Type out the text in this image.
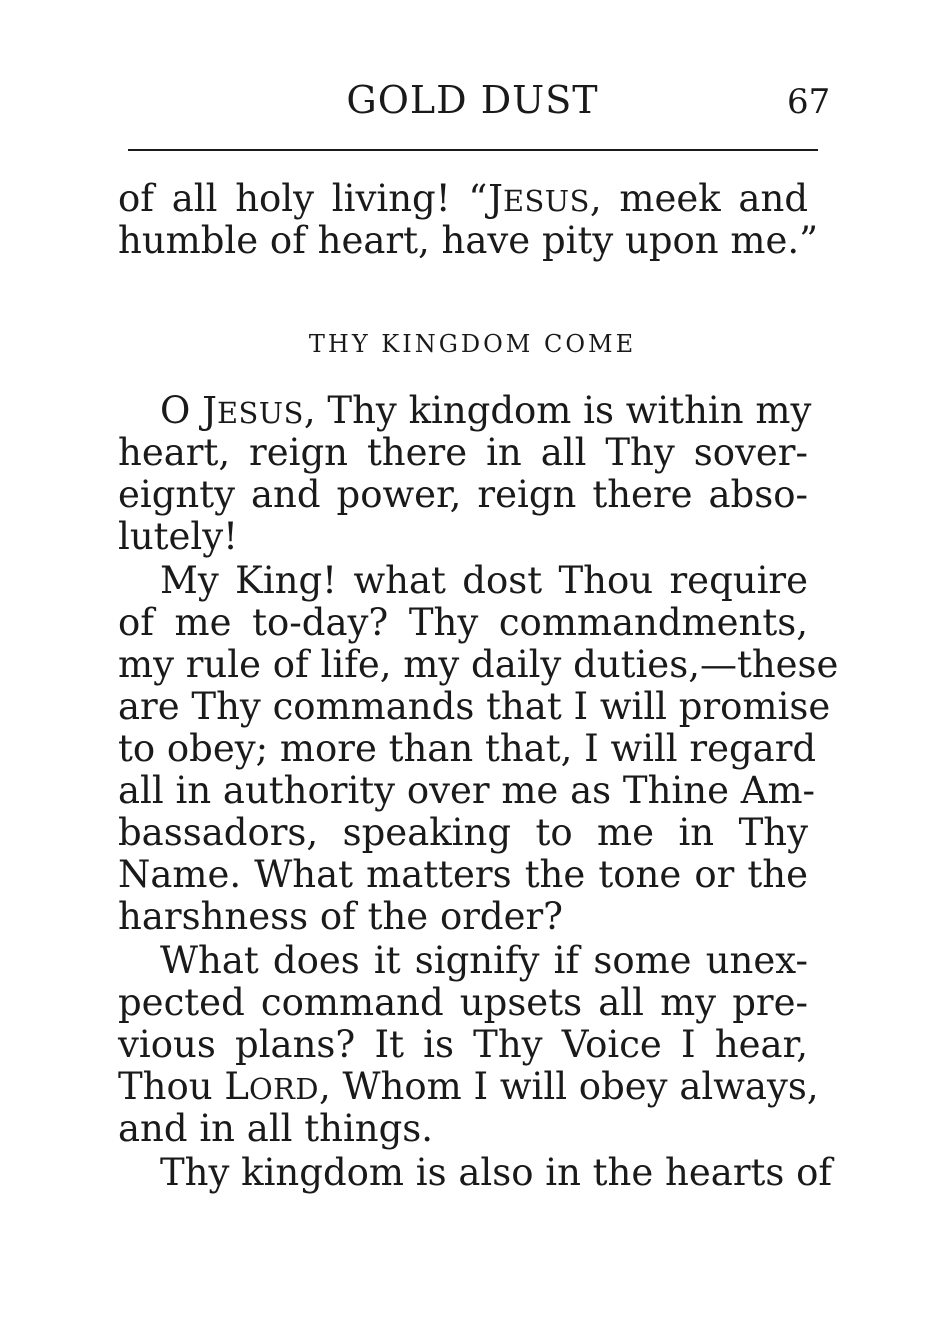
GOLD DUST	67
of all holy living! “JESUS, meek and
humble of heart, have pity upon me.”
THY KINGDOM COME
O JESUS, Thy kingdom is within my
heart, reign there in all Thy sover-
eignty and power, reign there abso-
lutely!
My King! what dost Thou require
of me to-day? Thy commandments,
my rule of life, my daily duties,—these
are Thy commands that I will promise
to obey; more than that, I will regard
all in authority over me as Thine Am-
bassadors, speaking to me in Thy
Name. What matters the tone or the
harshness of the order?
What does it signify if some unex-
pected command upsets all my pre-
vious plans? It is Thy Voice I hear,
Thou LORD, Whom I will obey always,
and in all things.
Thy kingdom is also in the hearts of
